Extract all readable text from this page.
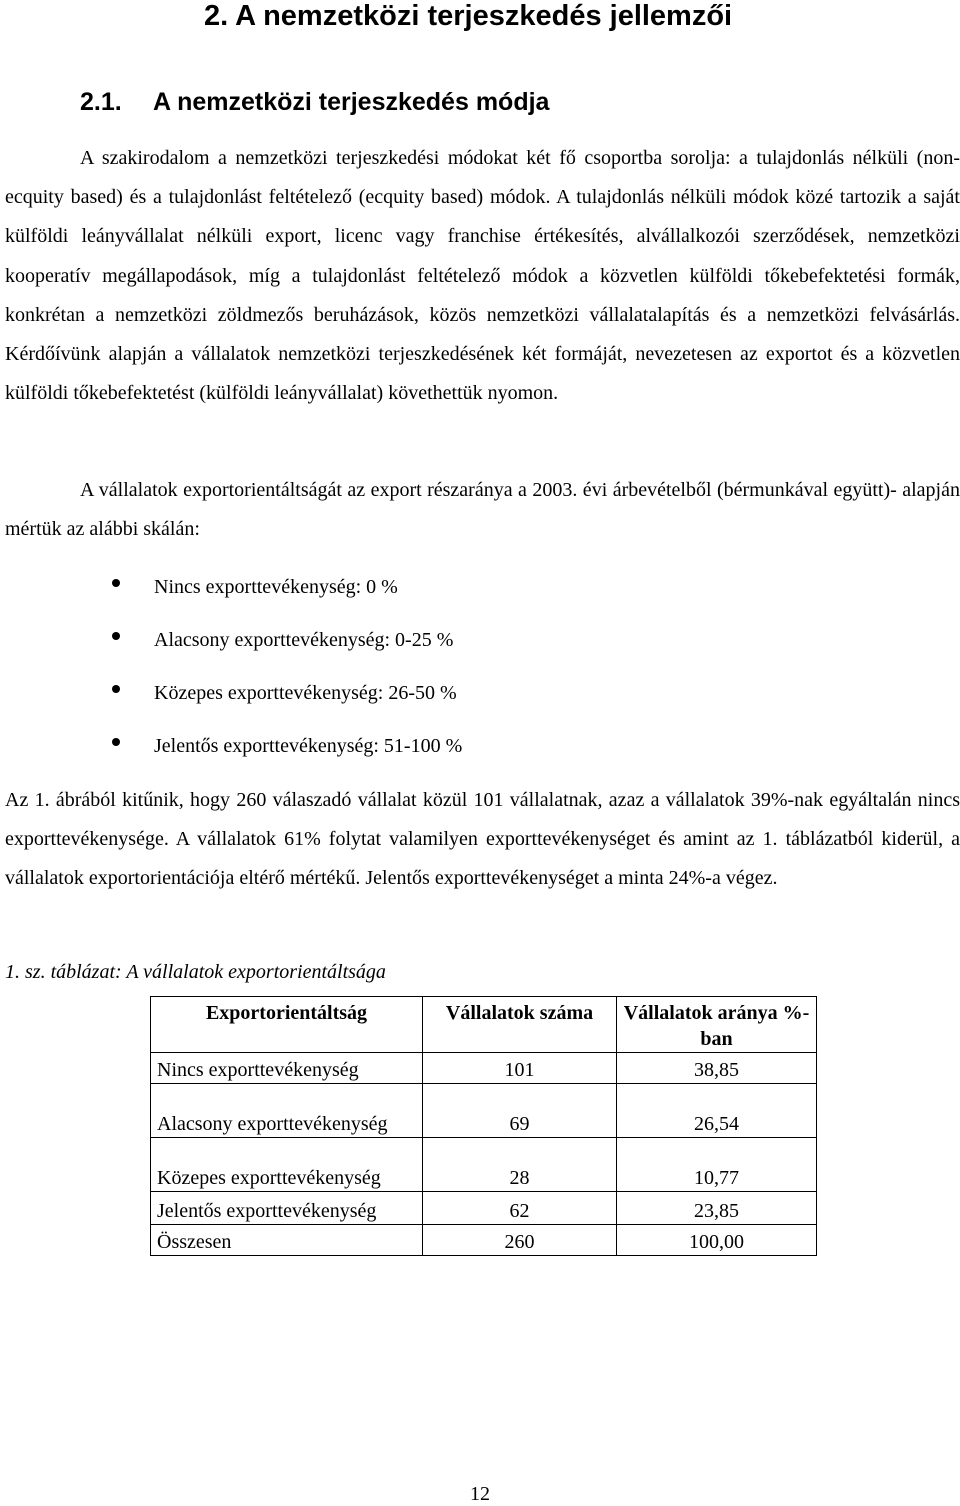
2. A nemzetközi terjeszkedés jellemzői
2.1. A nemzetközi terjeszkedés módja

A szakirodalom a nemzetközi terjeszkedési módokat két fő csoportba sorolja: a tulajdonlás nélküli (non-ecquity based) és a tulajdonlást feltételező (ecquity based) módok. A tulajdonlás nélküli módok közé tartozik a saját külföldi leányvállalat nélküli export, licenc vagy franchise értékesítés, alvállalkozói szerződések, nemzetközi kooperatív megállapodások, míg a tulajdonlást feltételező módok a közvetlen külföldi tőkebefektetési formák, konkrétan a nemzetközi zöldmezős beruházások, közös nemzetközi vállalatalapítás és a nemzetközi felvásárlás. Kérdőívünk alapján a vállalatok nemzetközi terjeszkedésének két formáját, nevezetesen az exportot és a közvetlen külföldi tőkebefektetést (külföldi leányvállalat) követhettük nyomon.

A vállalatok exportorientáltságát az export részaránya a 2003. évi árbevételből (bérmunkával együtt)- alapján mértük az alábbi skálán:

Nincs exporttevékenység: 0 %
Alacsony exporttevékenység: 0-25 %
Közepes exporttevékenység: 26-50 %
Jelentős exporttevékenység: 51-100 %

Az 1. ábrából kitűnik, hogy 260 válaszadó vállalat közül 101 vállalatnak, azaz a vállalatok 39%-nak egyáltalán nincs exporttevékenysége. A vállalatok 61% folytat valamilyen exporttevékenységet és amint az 1. táblázatból kiderül, a vállalatok exportorientációja eltérő mértékű. Jelentős exporttevékenységet a minta 24%-a végez.

1. sz. táblázat: A vállalatok exportorientáltsága
Exportorientáltság	Vállalatok száma	Vállalatok aránya %-ban
Nincs exporttevékenység	101	38,85
Alacsony exporttevékenység	69	26,54
Közepes exporttevékenység	28	10,77
Jelentős exporttevékenység	62	23,85
Összesen	260	100,00
12
